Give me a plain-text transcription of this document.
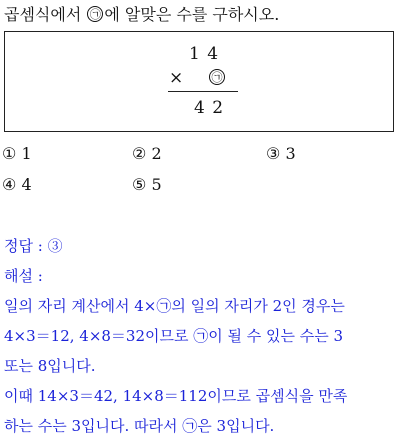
곱셈식에서 ㉠ 에 알맞은 수를 구하시오.
1 4
×	㉠
4 2
① 1	② 2	③ 3
④ 4	⑤ 5
정답 : ③
해설 :
일의 자리 계산에서 4×㉠의 일의 자리가 2인 경우는
4×3＝12, 4×8＝32이므로 ㉠이 될 수 있는 수는 3
또는 8입니다.
이때 14×3＝42, 14×8＝112이므로 곱셈식을 만족
하는 수는 3입니다. 따라서 ㉠은 3입니다.
